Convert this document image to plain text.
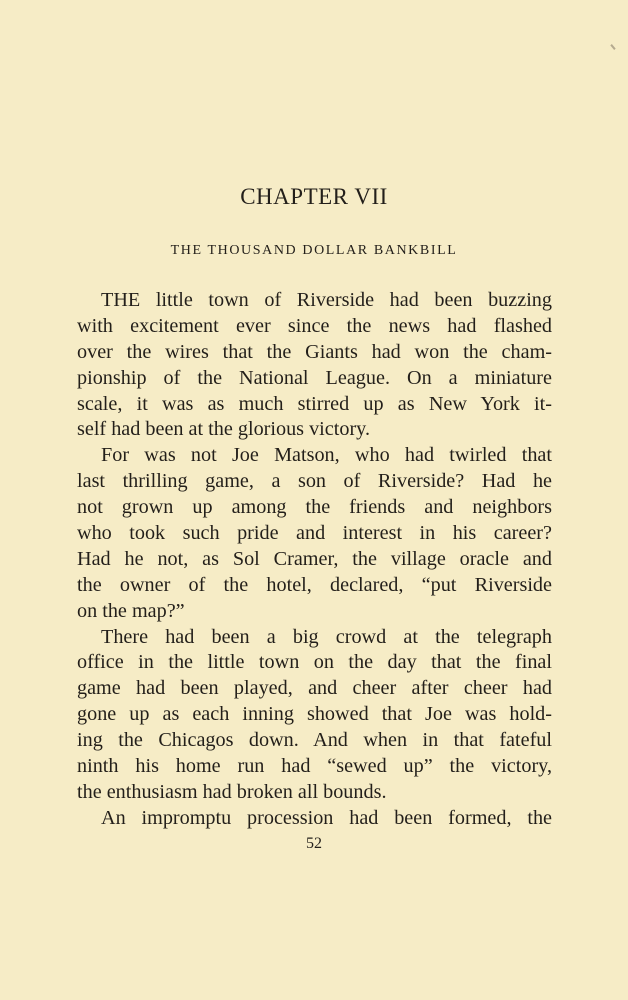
CHAPTER VII
THE THOUSAND DOLLAR BANKBILL
THE little town of Riverside had been buzzing
with excitement ever since the news had flashed
over the wires that the Giants had won the cham-
pionship of the National League. On a miniature
scale, it was as much stirred up as New York it-
self had been at the glorious victory.
For was not Joe Matson, who had twirled that
last thrilling game, a son of Riverside? Had he
not grown up among the friends and neighbors
who took such pride and interest in his career?
Had he not, as Sol Cramer, the village oracle and
the owner of the hotel, declared, “put Riverside
on the map?”
There had been a big crowd at the telegraph
office in the little town on the day that the final
game had been played, and cheer after cheer had
gone up as each inning showed that Joe was hold-
ing the Chicagos down. And when in that fateful
ninth his home run had “sewed up” the victory,
the enthusiasm had broken all bounds.
An impromptu procession had been formed, the
52
